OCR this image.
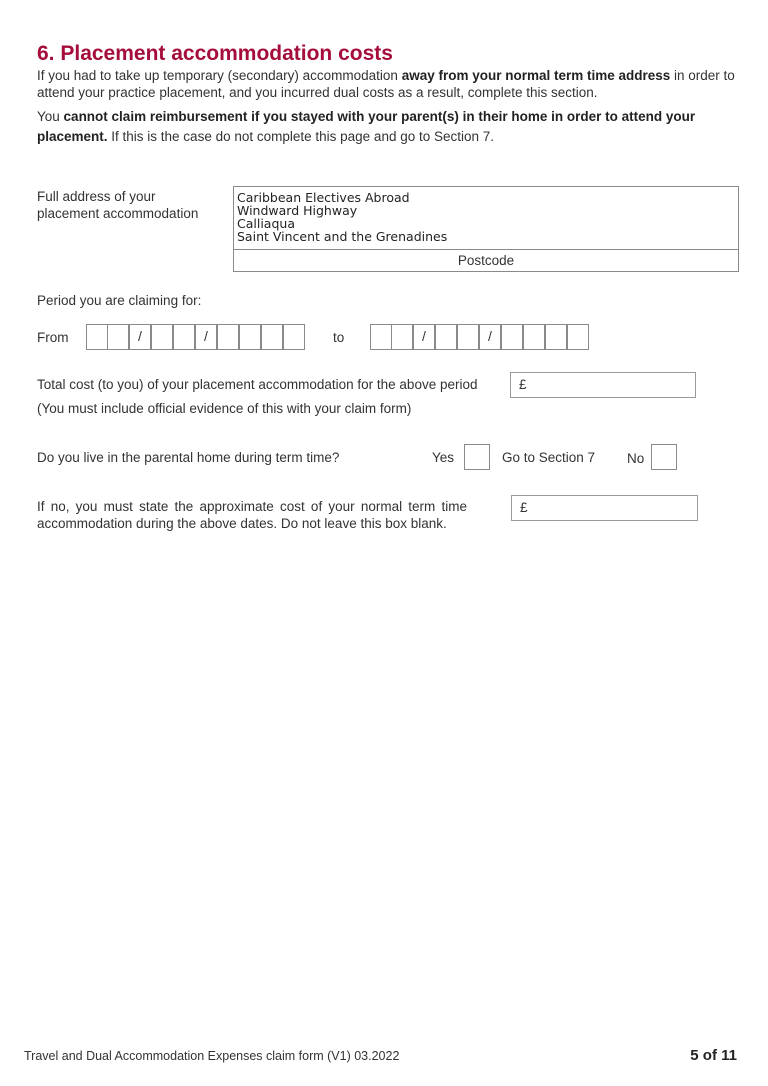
6. Placement accommodation costs
If you had to take up temporary (secondary) accommodation away from your normal term time address in order to attend your practice placement, and you incurred dual costs as a result, complete this section.
You cannot claim reimbursement if you stayed with your parent(s) in their home in order to attend your placement. If this is the case do not complete this page and go to Section 7.
Full address of your
placement accommodation
Caribbean Electives Abroad
Windward Highway
Calliaqua
Saint Vincent and the Grenadines
Postcode
Period you are claiming for:
From	/	/	to	/	/
Total cost (to you) of your placement accommodation for the above period
(You must include official evidence of this with your claim form)
£
Do you live in the parental home during term time?	Yes	Go to Section 7 No
If no, you must state the approximate cost of your normal term time accommodation during the above dates. Do not leave this box blank.
£
Travel and Dual Accommodation Expenses claim form (V1) 03.2022	5 of 11
